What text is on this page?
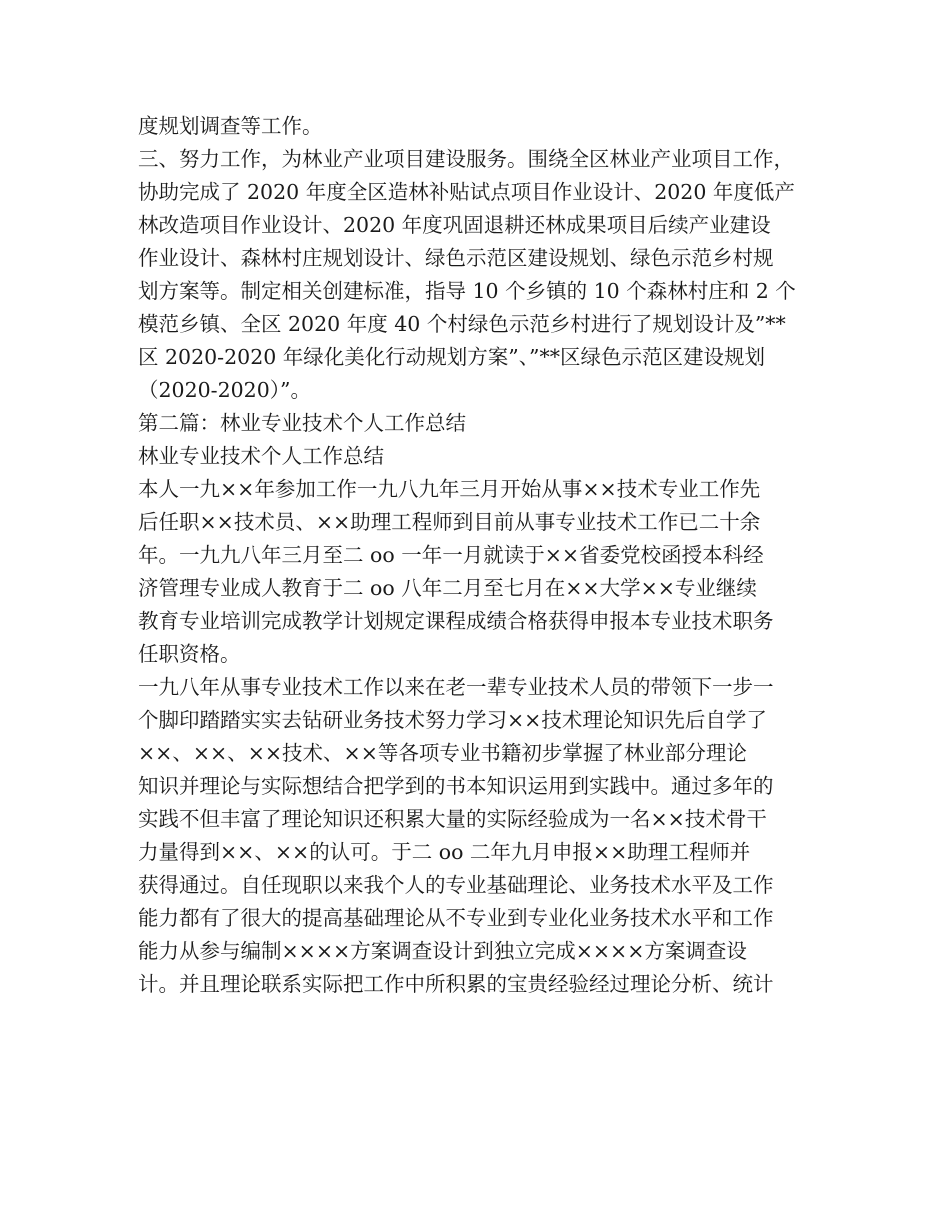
度规划调查等工作。
三、努力工作，为林业产业项目建设服务。围绕全区林业产业项目工作，
协助完成了 2020 年度全区造林补贴试点项目作业设计、2020 年度低产
林改造项目作业设计、2020 年度巩固退耕还林成果项目后续产业建设
作业设计、森林村庄规划设计、绿色示范区建设规划、绿色示范乡村规
划方案等。制定相关创建标准，指导 10 个乡镇的 10 个森林村庄和 2 个
模范乡镇、全区 2020 年度 40 个村绿色示范乡村进行了规划设计及”**
区 2020-2020 年绿化美化行动规划方案”、”**区绿色示范区建设规划
（2020-2020）”。
第二篇：林业专业技术个人工作总结
林业专业技术个人工作总结
本人一九××年参加工作一九八九年三月开始从事××技术专业工作先
后任职××技术员、××助理工程师到目前从事专业技术工作已二十余
年。一九九八年三月至二 oo 一年一月就读于××省委党校函授本科经
济管理专业成人教育于二 oo 八年二月至七月在××大学××专业继续
教育专业培训完成教学计划规定课程成绩合格获得申报本专业技术职务
任职资格。
一九八年从事专业技术工作以来在老一辈专业技术人员的带领下一步一
个脚印踏踏实实去钻研业务技术努力学习××技术理论知识先后自学了
××、××、××技术、××等各项专业书籍初步掌握了林业部分理论
知识并理论与实际想结合把学到的书本知识运用到实践中。通过多年的
实践不但丰富了理论知识还积累大量的实际经验成为一名××技术骨干
力量得到××、××的认可。于二 oo 二年九月申报××助理工程师并
获得通过。自任现职以来我个人的专业基础理论、业务技术水平及工作
能力都有了很大的提高基础理论从不专业到专业化业务技术水平和工作
能力从参与编制××××方案调查设计到独立完成××××方案调查设
计。并且理论联系实际把工作中所积累的宝贵经验经过理论分析、统计
